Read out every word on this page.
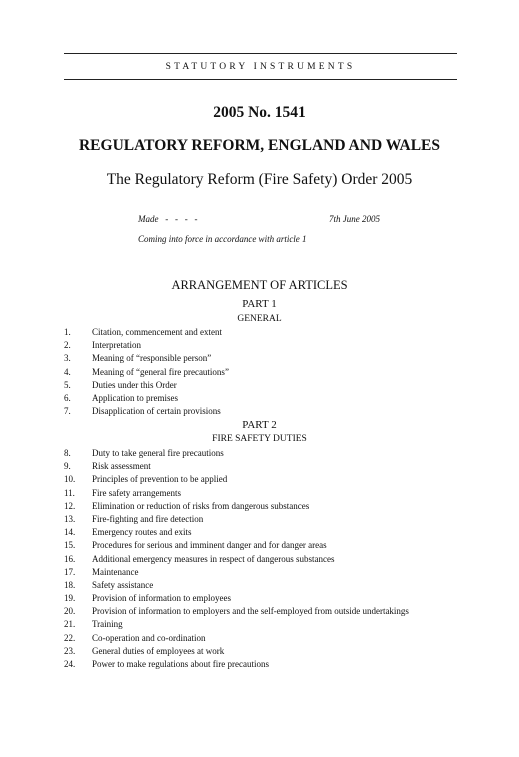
STATUTORY INSTRUMENTS
2005 No. 1541
REGULATORY REFORM, ENGLAND AND WALES
The Regulatory Reform (Fire Safety) Order 2005
Made   -   -   -   -	7th June 2005
Coming into force in accordance with article 1
ARRANGEMENT OF ARTICLES
PART 1
GENERAL
1. Citation, commencement and extent
2. Interpretation
3. Meaning of “responsible person”
4. Meaning of “general fire precautions”
5. Duties under this Order
6. Application to premises
7. Disapplication of certain provisions
PART 2
FIRE SAFETY DUTIES
8. Duty to take general fire precautions
9. Risk assessment
10. Principles of prevention to be applied
11. Fire safety arrangements
12. Elimination or reduction of risks from dangerous substances
13. Fire-fighting and fire detection
14. Emergency routes and exits
15. Procedures for serious and imminent danger and for danger areas
16. Additional emergency measures in respect of dangerous substances
17. Maintenance
18. Safety assistance
19. Provision of information to employees
20. Provision of information to employers and the self-employed from outside undertakings
21. Training
22. Co-operation and co-ordination
23. General duties of employees at work
24. Power to make regulations about fire precautions
